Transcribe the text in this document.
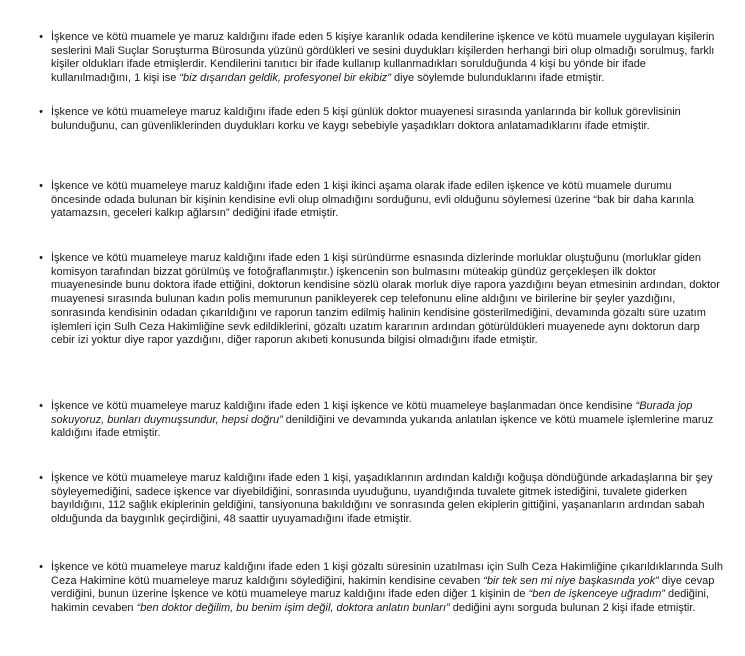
• İşkence ve kötü muamele ye maruz kaldığını ifade eden 5 kişiye karanlık odada kendilerine işkence ve kötü muamele uygulayan kişilerin seslerini Mali Suçlar Soruşturma Bürosunda yüzünü gördükleri ve sesini duydukları kişilerden herhangi biri olup olmadığı sorulmuş, farklı kişiler oldukları ifade etmişlerdir. Kendilerini tanıtıcı bir ifade kullanıp kullanmadıkları sorulduğunda 4 kişi bu yönde bir ifade kullanılmadığını, 1 kişi ise “biz dışarıdan geldik, profesyonel bir ekibiz” diye söylemde bulunduklarını ifade etmiştir.
• İşkence ve kötü muameleye maruz kaldığını ifade eden 5 kişi günlük doktor muayenesi sırasında yanlarında bir kolluk görevlisinin bulunduğunu, can güvenliklerinden duydukları korku ve kaygı sebebiyle yaşadıkları doktora anlatamadıklarını ifade etmiştir.
• İşkence ve kötü muameleye maruz kaldığını ifade eden 1 kişi ikinci aşama olarak ifade edilen işkence ve kötü muamele durumu öncesinde odada bulunan bir kişinin kendisine evli olup olmadığını sorduğunu, evli olduğunu söylemesi üzerine “bak bir daha karınla yatamazsın, geceleri kalkıp ağlarsın” dediğini ifade etmiştir.
• İşkence ve kötü muameleye maruz kaldığını ifade eden 1 kişi süründürme esnasında dizlerinde morluklar oluştuğunu (morluklar giden komisyon tarafından bizzat görülmüş ve fotoğraflanmıştır.) işkencenin son bulmasını müteakip gündüz gerçekleşen ilk doktor muayenesinde bunu doktora ifade ettiğini, doktorun kendisine sözlü olarak morluk diye rapora yazdığını beyan etmesinin ardından, doktor muayenesi sırasında bulunan kadın polis memurunun panikleyerek cep telefonunu eline aldığını ve birilerine bir şeyler yazdığını, sonrasında kendisinin odadan çıkarıldığını ve raporun tanzim edilmiş halinin kendisine gösterilmediğini, devamında gözaltı süre uzatım işlemleri için Sulh Ceza Hakimliğine sevk edildiklerini, gözaltı uzatım kararının ardından götürüldükleri muayenede aynı doktorun darp cebir izi yoktur diye rapor yazdığını, diğer raporun akıbeti konusunda bilgisi olmadığını ifade etmiştir.
• İşkence ve kötü muameleye maruz kaldığını ifade eden 1 kişi işkence ve kötü muameleye başlanmadan önce kendisine “Burada jop sokuyoruz, bunları duymuşsundur, hepsi doğru” denildiğini ve devamında yukarıda anlatılan işkence ve kötü muamele işlemlerine maruz kaldığını ifade etmiştir.
• İşkence ve kötü muameleye maruz kaldığını ifade eden 1 kişi, yaşadıklarının ardından kaldığı koğuşa döndüğünde arkadaşlarına bir şey söyleyemediğini, sadece işkence var diyebildiğini, sonrasında uyuduğunu, uyandığında tuvalete gitmek istediğini, tuvalete giderken bayıldığını, 112 sağlık ekiplerinin geldiğini, tansiyonuna bakıldığını ve sonrasında gelen ekiplerin gittiğini, yaşananların ardından sabah olduğunda da baygınlık geçirdiğini, 48 saattir uyuyamadığını ifade etmiştir.
• İşkence ve kötü muameleye maruz kaldığını ifade eden 1 kişi gözaltı süresinin uzatılması için Sulh Ceza Hakimliğine çıkarıldıklarında Sulh Ceza Hakimine kötü muameleye maruz kaldığını söylediğini, hakimin kendisine cevaben “bir tek sen mi niye başkasında yok” diye cevap verdiğini, bunun üzerine İşkence ve kötü muameleye maruz kaldığını ifade eden diğer 1 kişinin de “ben de işkenceye uğradım” dediğini, hakimin cevaben “ben doktor değilim, bu benim işim değil, doktora anlatın bunları” dediğini aynı sorguda bulunan 2 kişi ifade etmiştir.
